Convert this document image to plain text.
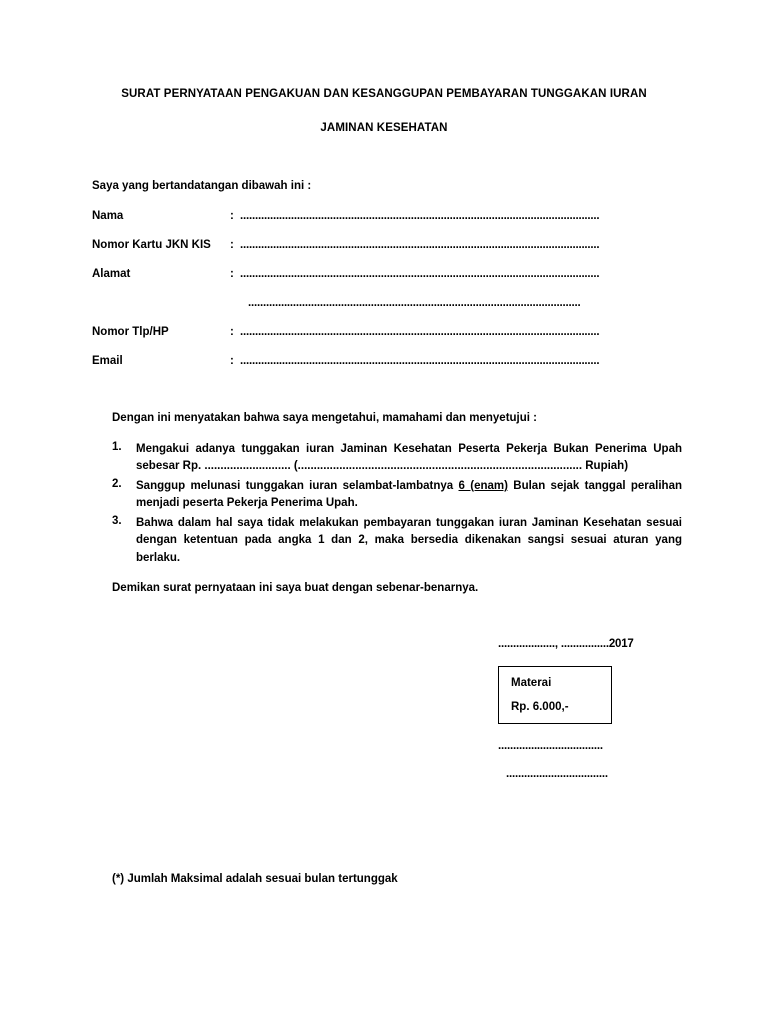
SURAT PERNYATAAN PENGAKUAN DAN KESANGGUPAN PEMBAYARAN TUNGGAKAN IURAN
JAMINAN KESEHATAN
Saya yang bertandatangan dibawah ini :
Nama	: ........................................................................................................................
Nomor Kartu JKN KIS	: ........................................................................................................................
Alamat	: ........................................................................................................................
...............................................................................................................
Nomor Tlp/HP	: ........................................................................................................................
Email	: ........................................................................................................................
Dengan ini menyatakan bahwa saya mengetahui, mamahami dan menyetujui :
1.	Mengakui adanya tunggakan iuran Jaminan Kesehatan Peserta Pekerja Bukan Penerima Upah sebesar Rp. ........................... (......................................................................................... Rupiah)
2.	Sanggup melunasi tunggakan iuran selambat-lambatnya 6 (enam) Bulan sejak tanggal peralihan menjadi peserta Pekerja Penerima Upah.
3.	Bahwa dalam hal saya tidak melakukan pembayaran tunggakan iuran Jaminan Kesehatan sesuai dengan ketentuan pada angka 1 dan 2, maka bersedia dikenakan sangsi sesuai aturan yang berlaku.
Demikan surat pernyataan ini saya buat dengan sebenar-benarnya.
..................., ................2017
Materai
Rp. 6.000,-
...................................
..................................
(*) Jumlah Maksimal adalah sesuai bulan tertunggak
